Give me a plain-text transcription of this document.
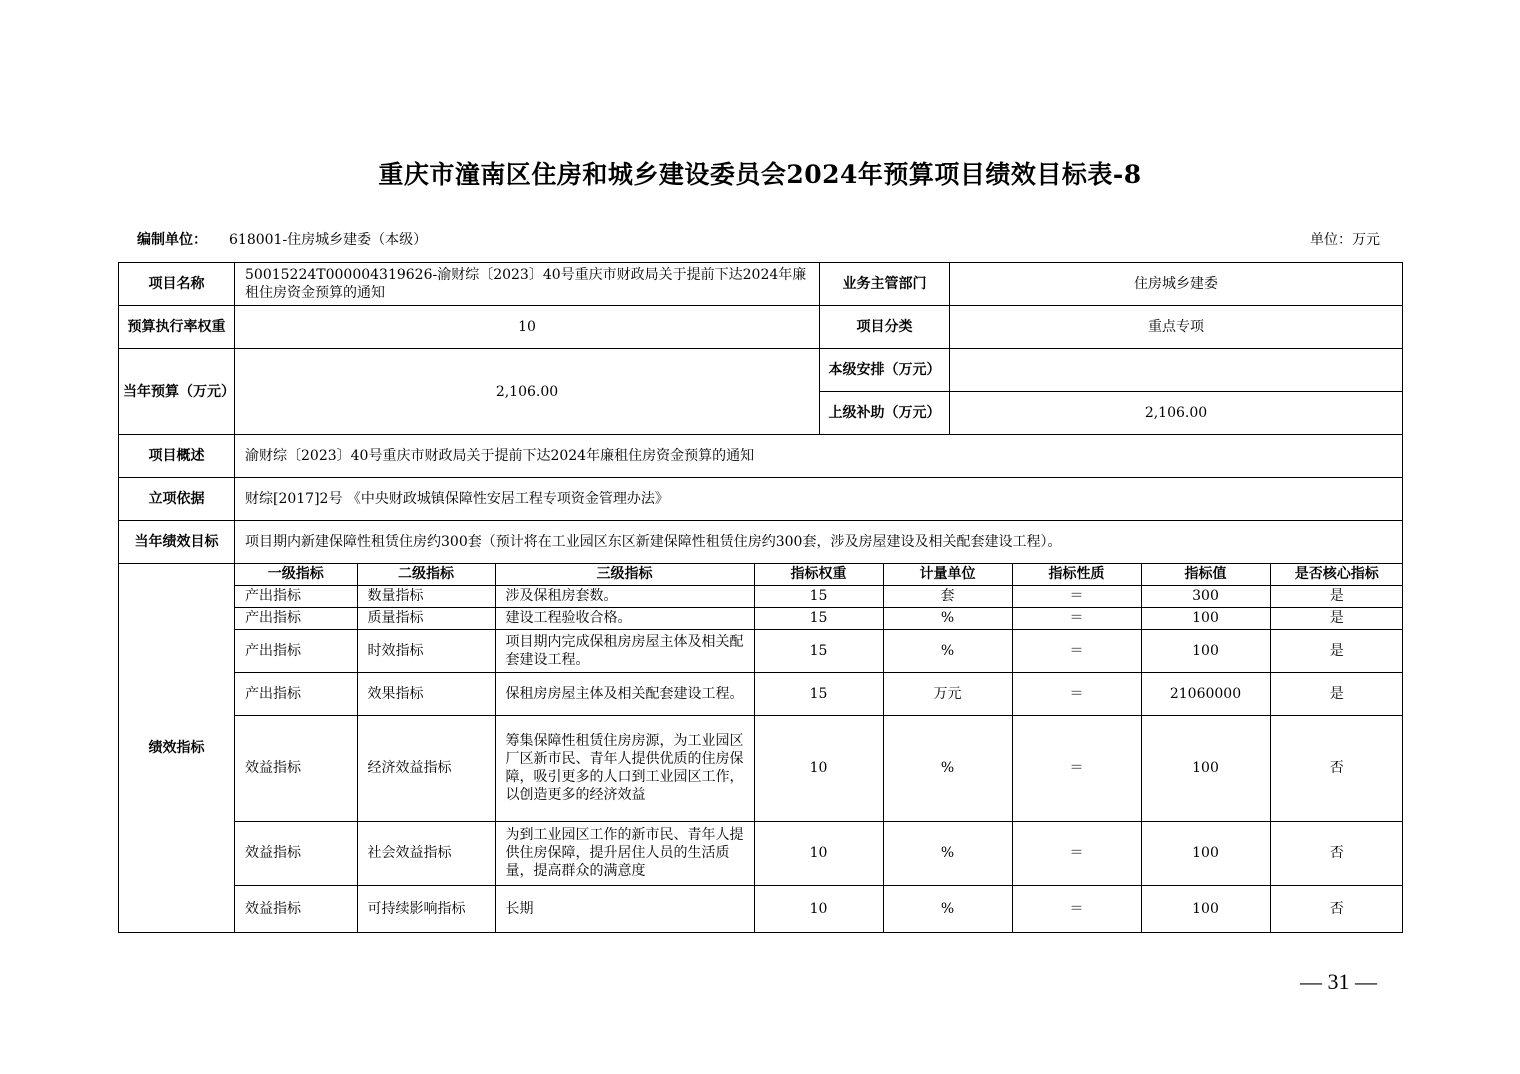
重庆市潼南区住房和城乡建设委员会2024年预算项目绩效目标表-8
编制单位： 618001-住房城乡建委（本级）	单位：万元
项目名称	50015224T000004319626-渝财综〔2023〕40号重庆市财政局关于提前下达2024年廉租住房资金预算的通知	业务主管部门	住房城乡建委
预算执行率权重	10	项目分类	重点专项
当年预算（万元）	2,106.00	本级安排（万元）	
上级补助（万元）	2,106.00
项目概述	渝财综〔2023〕40号重庆市财政局关于提前下达2024年廉租住房资金预算的通知
立项依据	财综[2017]2号 《中央财政城镇保障性安居工程专项资金管理办法》
当年绩效目标	项目期内新建保障性租赁住房约300套（预计将在工业园区东区新建保障性租赁住房约300套，涉及房屋建设及相关配套建设工程）。
绩效指标	
一级指标	二级指标	三级指标	指标权重	计量单位	指标性质	指标值	是否核心指标
产出指标	数量指标	涉及保租房套数。	15	套	＝	300	是
产出指标	质量指标	建设工程验收合格。	15	%	＝	100	是
产出指标	时效指标	项目期内完成保租房房屋主体及相关配套建设工程。	15	%	＝	100	是
产出指标	效果指标	保租房房屋主体及相关配套建设工程。	15	万元	＝	21060000	是
效益指标	经济效益指标	筹集保障性租赁住房房源，为工业园区厂区新市民、青年人提供优质的住房保障，吸引更多的人口到工业园区工作，以创造更多的经济效益	10	%	＝	100	否
效益指标	社会效益指标	为到工业园区工作的新市民、青年人提供住房保障，提升居住人员的生活质量，提高群众的满意度	10	%	＝	100	否
效益指标	可持续影响指标	长期	10	%	＝	100	否
— 31 —
